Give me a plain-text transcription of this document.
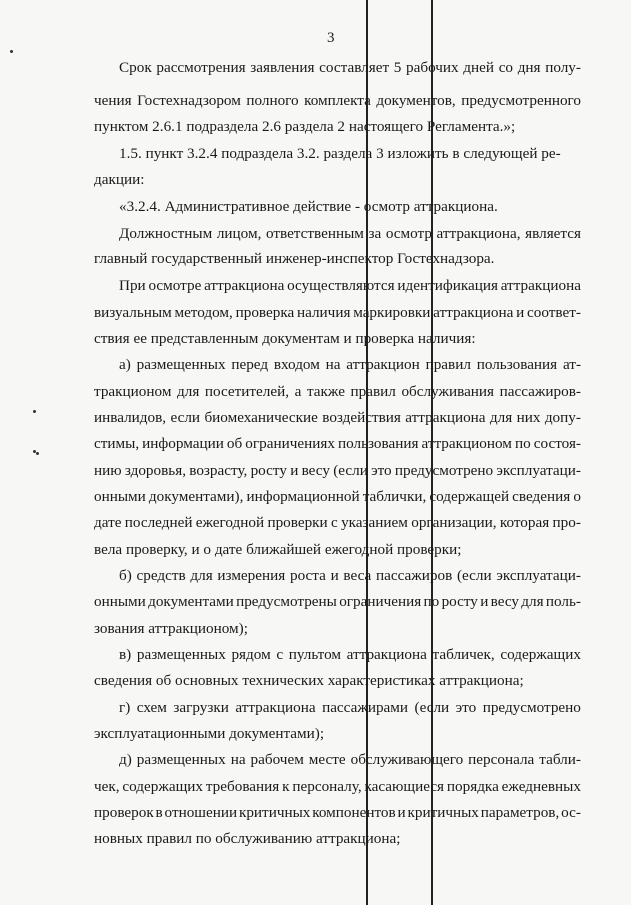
3
Срок рассмотрения заявления составляет 5 рабочих дней со дня полу-
чения Гостехнадзором полного комплекта документов, предусмотренного
пунктом 2.6.1 подраздела 2.6 раздела 2 настоящего Регламента.»;
1.5. пункт 3.2.4 подраздела 3.2. раздела 3 изложить в следующей ре-
дакции:
«3.2.4. Административное действие - осмотр аттракциона.
Должностным лицом, ответственным за осмотр аттракциона, является
главный государственный инженер-инспектор Гостехнадзора.
При осмотре аттракциона осуществляются идентификация аттракциона
визуальным методом, проверка наличия маркировки аттракциона и соответ-
ствия ее представленным документам и проверка наличия:
а) размещенных перед входом на аттракцион правил пользования ат-
тракционом для посетителей, а также правил обслуживания пассажиров-
инвалидов, если биомеханические воздействия аттракциона для них допу-
стимы, информации об ограничениях пользования аттракционом по состоя-
нию здоровья, возрасту, росту и весу (если это предусмотрено эксплуатаци-
онными документами), информационной таблички, содержащей сведения о
дате последней ежегодной проверки с указанием организации, которая про-
вела проверку, и о дате ближайшей ежегодной проверки;
б) средств для измерения роста и веса пассажиров (если эксплуатаци-
онными документами предусмотрены ограничения по росту и весу для поль-
зования аттракционом);
в) размещенных рядом с пультом аттракциона табличек, содержащих
сведения об основных технических характеристиках аттракциона;
г) схем загрузки аттракциона пассажирами (если это предусмотрено
эксплуатационными документами);
д) размещенных на рабочем месте обслуживающего персонала табли-
чек, содержащих требования к персоналу, касающиеся порядка ежедневных
проверок в отношении критичных компонентов и критичных параметров, ос-
новных правил по обслуживанию аттракциона;
